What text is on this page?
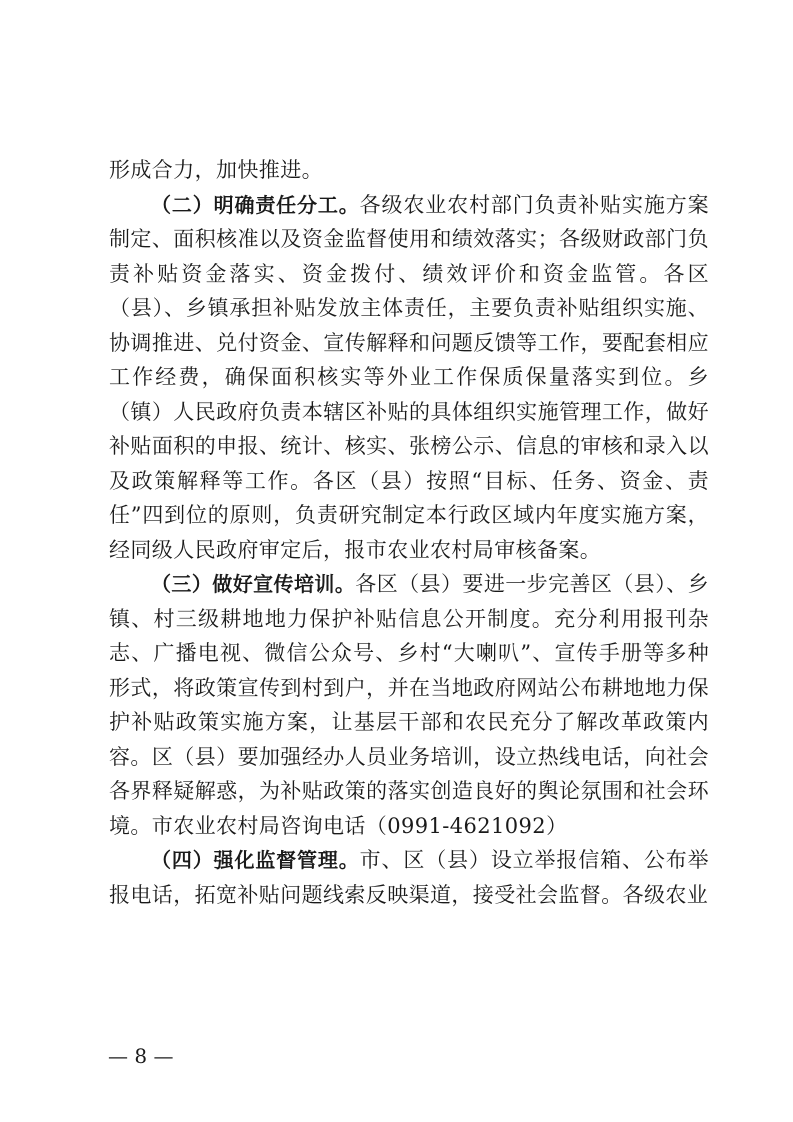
形成合力，加快推进。

（二）明确责任分工。各级农业农村部门负责补贴实施方案制定、面积核准以及资金监督使用和绩效落实；各级财政部门负责补贴资金落实、资金拨付、绩效评价和资金监管。各区（县）、乡镇承担补贴发放主体责任，主要负责补贴组织实施、协调推进、兑付资金、宣传解释和问题反馈等工作，要配套相应工作经费，确保面积核实等外业工作保质保量落实到位。乡（镇）人民政府负责本辖区补贴的具体组织实施管理工作，做好补贴面积的申报、统计、核实、张榜公示、信息的审核和录入以及政策解释等工作。各区（县）按照“目标、任务、资金、责任”四到位的原则，负责研究制定本行政区域内年度实施方案，经同级人民政府审定后，报市农业农村局审核备案。

（三）做好宣传培训。各区（县）要进一步完善区（县）、乡镇、村三级耕地地力保护补贴信息公开制度。充分利用报刊杂志、广播电视、微信公众号、乡村“大喇叭”、宣传手册等多种形式，将政策宣传到村到户，并在当地政府网站公布耕地地力保护补贴政策实施方案，让基层干部和农民充分了解改革政策内容。区（县）要加强经办人员业务培训，设立热线电话，向社会各界释疑解惑，为补贴政策的落实创造良好的舆论氛围和社会环境。市农业农村局咨询电话（0991-4621092）

（四）强化监督管理。市、区（县）设立举报信箱、公布举报电话，拓宽补贴问题线索反映渠道，接受社会监督。各级农业

— 8 —
